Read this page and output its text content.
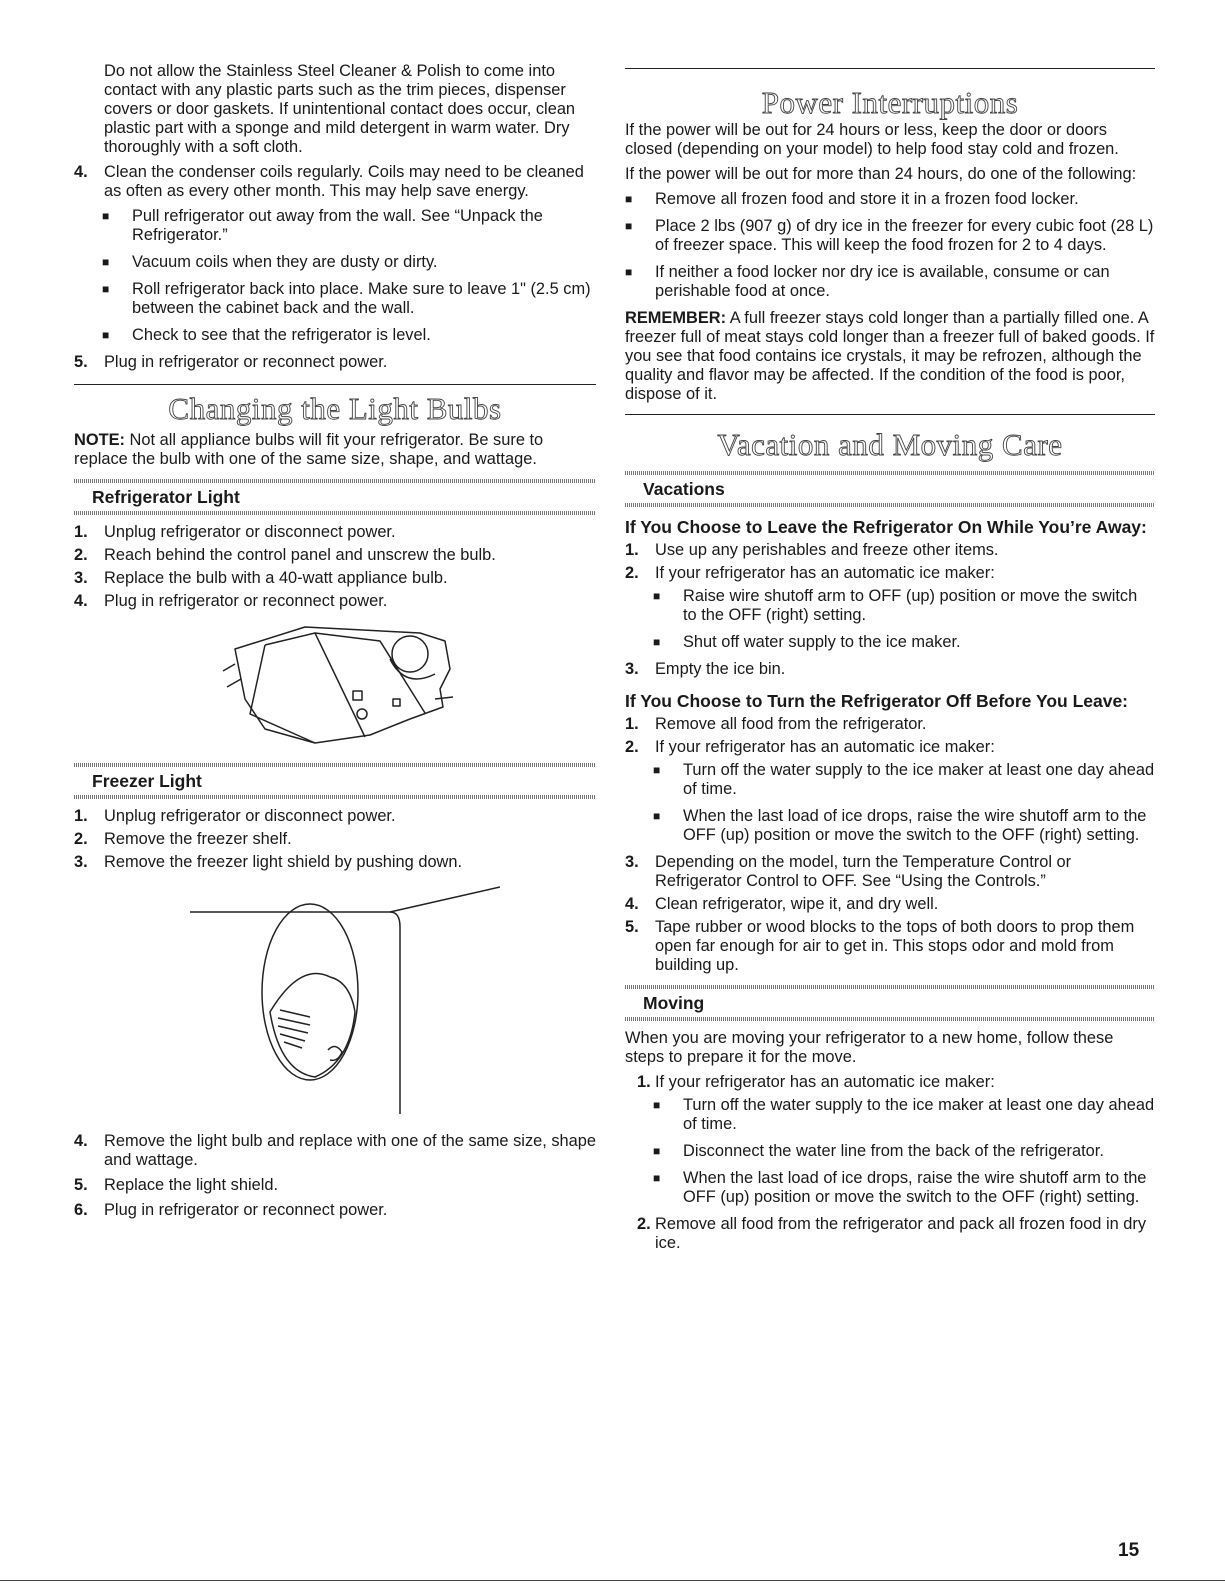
Do not allow the Stainless Steel Cleaner & Polish to come into contact with any plastic parts such as the trim pieces, dispenser covers or door gaskets. If unintentional contact does occur, clean plastic part with a sponge and mild detergent in warm water. Dry thoroughly with a soft cloth.

4. Clean the condenser coils regularly. Coils may need to be cleaned as often as every other month. This may help save energy.
■	Pull refrigerator out away from the wall. See “Unpack the Refrigerator.”
■	Vacuum coils when they are dusty or dirty.
■	Roll refrigerator back into place. Make sure to leave 1" (2.5 cm) between the cabinet back and the wall.
■	Check to see that the refrigerator is level.
5. Plug in refrigerator or reconnect power.
Changing the Light Bulbs

NOTE: Not all appliance bulbs will fit your refrigerator. Be sure to replace the bulb with one of the same size, shape, and wattage.

Refrigerator Light
1. Unplug refrigerator or disconnect power.
2. Reach behind the control panel and unscrew the bulb.
3. Replace the bulb with a 40-watt appliance bulb.
4. Plug in refrigerator or reconnect power.
Freezer Light
1. Unplug refrigerator or disconnect power.
2. Remove the freezer shelf.
3. Remove the freezer light shield by pushing down.
4. Remove the light bulb and replace with one of the same size, shape and wattage.
5. Replace the light shield.
6. Plug in refrigerator or reconnect power.
Power Interruptions

If the power will be out for 24 hours or less, keep the door or doors closed (depending on your model) to help food stay cold and frozen.

If the power will be out for more than 24 hours, do one of the following:

■	Remove all frozen food and store it in a frozen food locker.
■	Place 2 lbs (907 g) of dry ice in the freezer for every cubic foot (28 L) of freezer space. This will keep the food frozen for 2 to 4 days.
■	If neither a food locker nor dry ice is available, consume or can perishable food at once.

REMEMBER: A full freezer stays cold longer than a partially filled one. A freezer full of meat stays cold longer than a freezer full of baked goods. If you see that food contains ice crystals, it may be refrozen, although the quality and flavor may be affected. If the condition of the food is poor, dispose of it.

Vacation and Moving Care
Vacations
If You Choose to Leave the Refrigerator On While You’re Away:
1. Use up any perishables and freeze other items.
2. If your refrigerator has an automatic ice maker:
■	Raise wire shutoff arm to OFF (up) position or move the switch to the OFF (right) setting.
■	Shut off water supply to the ice maker.
3. Empty the ice bin.
If You Choose to Turn the Refrigerator Off Before You Leave:
1. Remove all food from the refrigerator.
2. If your refrigerator has an automatic ice maker:
■	Turn off the water supply to the ice maker at least one day ahead of time.
■	When the last load of ice drops, raise the wire shutoff arm to the OFF (up) position or move the switch to the OFF (right) setting.
3. Depending on the model, turn the Temperature Control or Refrigerator Control to OFF. See “Using the Controls.”
4. Clean refrigerator, wipe it, and dry well.
5. Tape rubber or wood blocks to the tops of both doors to prop them open far enough for air to get in. This stops odor and mold from building up.
Moving

When you are moving your refrigerator to a new home, follow these steps to prepare it for the move.

1. If your refrigerator has an automatic ice maker:
■	Turn off the water supply to the ice maker at least one day ahead of time.
■	Disconnect the water line from the back of the refrigerator.
■	When the last load of ice drops, raise the wire shutoff arm to the OFF (up) position or move the switch to the OFF (right) setting.
2. Remove all food from the refrigerator and pack all frozen food in dry ice.
15
